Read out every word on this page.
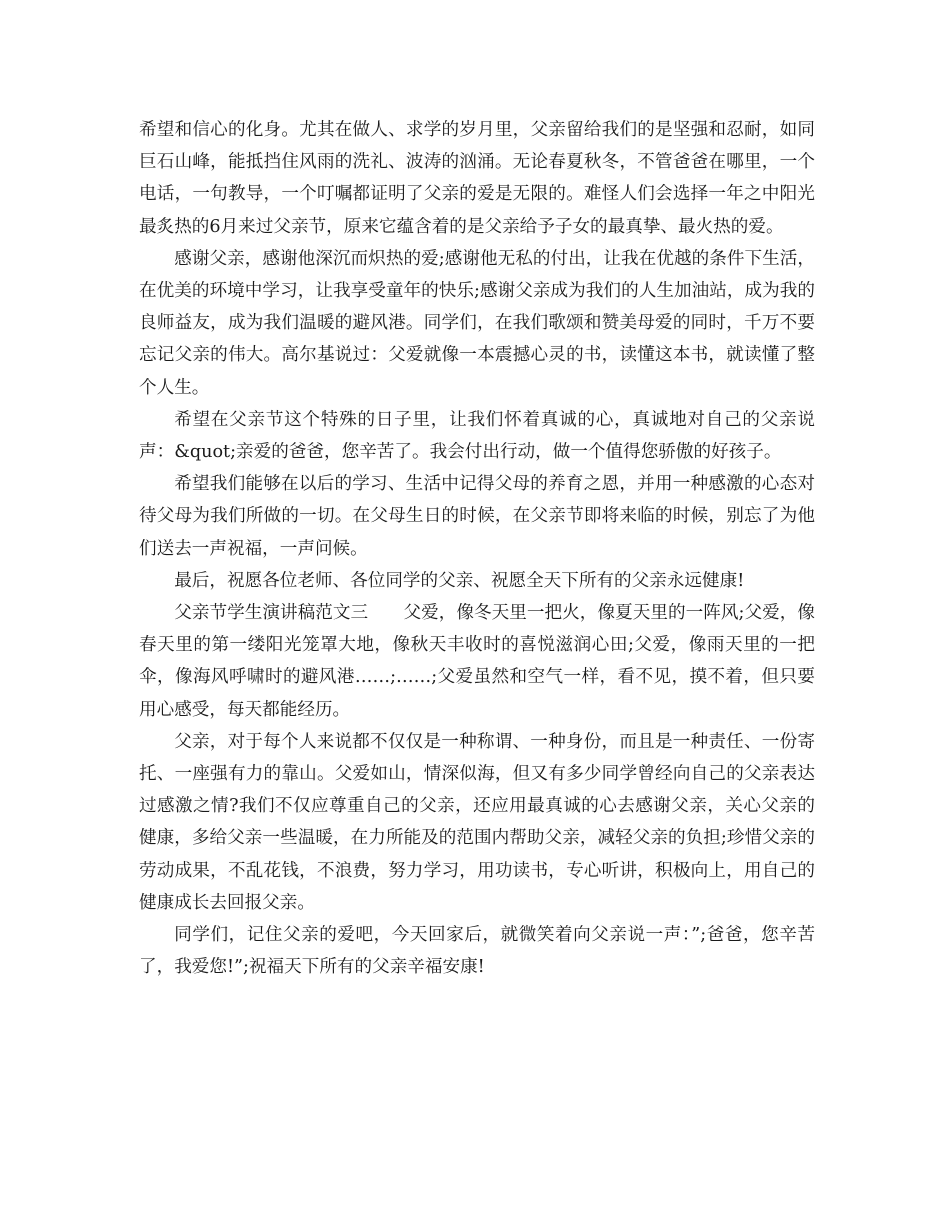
希望和信心的化身。尤其在做人、求学的岁月里，父亲留给我们的是坚强和忍耐，如同巨石山峰，能抵挡住风雨的洗礼、波涛的汹涌。无论春夏秋冬，不管爸爸在哪里，一个电话，一句教导，一个叮嘱都证明了父亲的爱是无限的。难怪人们会选择一年之中阳光最炙热的6月来过父亲节，原来它蕴含着的是父亲给予子女的最真挚、最火热的爱。

感谢父亲，感谢他深沉而炽热的爱;感谢他无私的付出，让我在优越的条件下生活，在优美的环境中学习，让我享受童年的快乐;感谢父亲成为我们的人生加油站，成为我的良师益友，成为我们温暖的避风港。同学们，在我们歌颂和赞美母爱的同时，千万不要忘记父亲的伟大。高尔基说过：父爱就像一本震撼心灵的书，读懂这本书，就读懂了整个人生。

希望在父亲节这个特殊的日子里，让我们怀着真诚的心，真诚地对自己的父亲说声：&quot;亲爱的爸爸，您辛苦了。我会付出行动，做一个值得您骄傲的好孩子。

希望我们能够在以后的学习、生活中记得父母的养育之恩，并用一种感激的心态对待父母为我们所做的一切。在父母生日的时候，在父亲节即将来临的时候，别忘了为他们送去一声祝福，一声问候。

最后，祝愿各位老师、各位同学的父亲、祝愿全天下所有的父亲永远健康!

父亲节学生演讲稿范文三　　父爱，像冬天里一把火，像夏天里的一阵风;父爱，像春天里的第一缕阳光笼罩大地，像秋天丰收时的喜悦滋润心田;父爱，像雨天里的一把伞，像海风呼啸时的避风港……;……;父爱虽然和空气一样，看不见，摸不着，但只要用心感受，每天都能经历。

父亲，对于每个人来说都不仅仅是一种称谓、一种身份，而且是一种责任、一份寄托、一座强有力的靠山。父爱如山，情深似海，但又有多少同学曾经向自己的父亲表达过感激之情?我们不仅应尊重自己的父亲，还应用最真诚的心去感谢父亲，关心父亲的健康，多给父亲一些温暖，在力所能及的范围内帮助父亲，减轻父亲的负担;珍惜父亲的劳动成果，不乱花钱，不浪费，努力学习，用功读书，专心听讲，积极向上，用自己的健康成长去回报父亲。

同学们，记住父亲的爱吧，今天回家后，就微笑着向父亲说一声：”;爸爸，您辛苦了，我爱您!”;祝福天下所有的父亲辛福安康!
